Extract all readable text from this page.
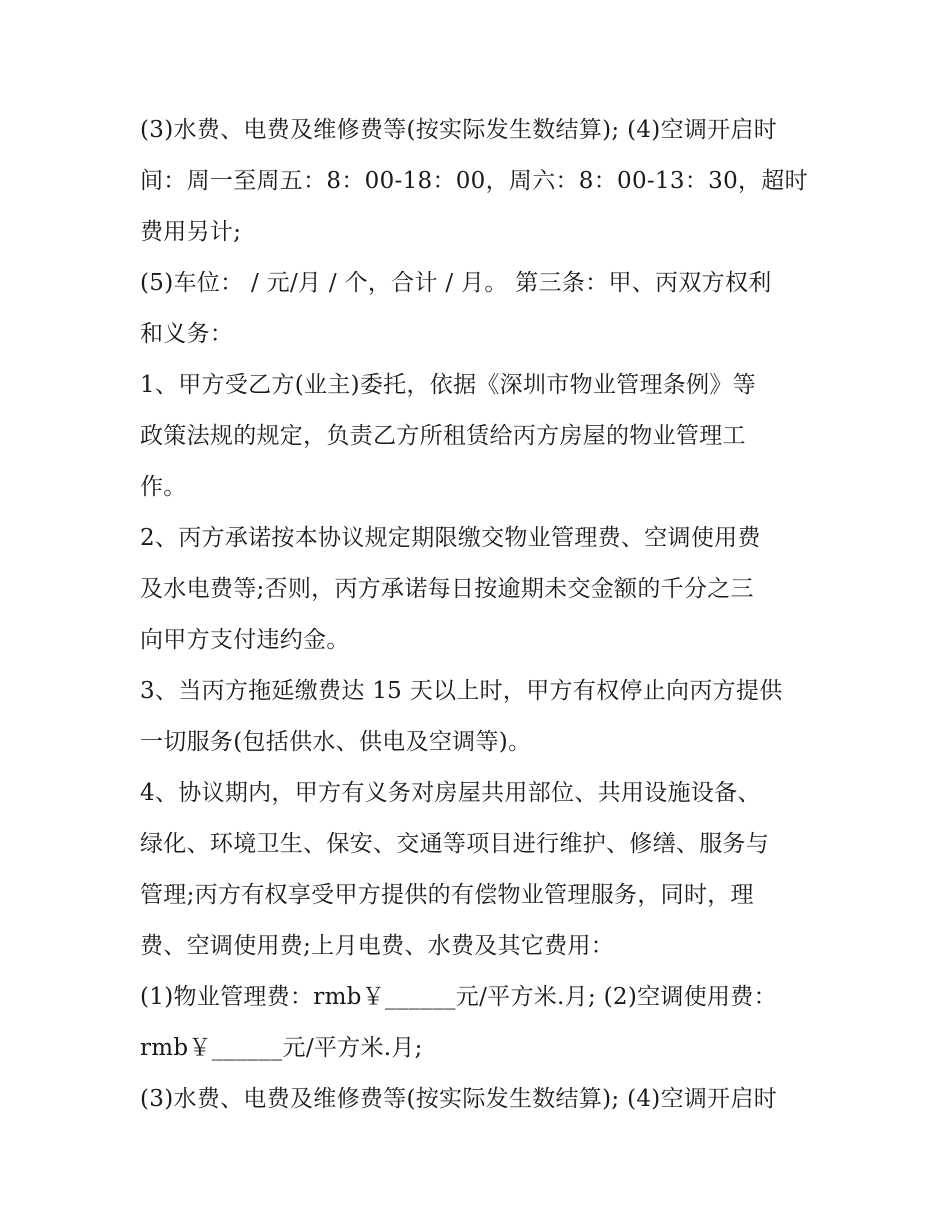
(3)水费、电费及维修费等(按实际发生数结算); (4)空调开启时
间：周一至周五：8：00-18：00，周六：8：00-13：30，超时
费用另计;
(5)车位： / 元/月 / 个，合计 / 月。 第三条：甲、丙双方权利
和义务：
1、甲方受乙方(业主)委托，依据《深圳市物业管理条例》等
政策法规的规定，负责乙方所租赁给丙方房屋的物业管理工
作。
2、丙方承诺按本协议规定期限缴交物业管理费、空调使用费
及水电费等;否则，丙方承诺每日按逾期未交金额的千分之三
向甲方支付违约金。
3、当丙方拖延缴费达 15 天以上时，甲方有权停止向丙方提供
一切服务(包括供水、供电及空调等)。
4、协议期内，甲方有义务对房屋共用部位、共用设施设备、
绿化、环境卫生、保安、交通等项目进行维护、修缮、服务与
管理;丙方有权享受甲方提供的有偿物业管理服务，同时，理
费、空调使用费;上月电费、水费及其它费用：
(1)物业管理费：rmb￥______元/平方米.月; (2)空调使用费：
rmb￥______元/平方米.月;
(3)水费、电费及维修费等(按实际发生数结算); (4)空调开启时
